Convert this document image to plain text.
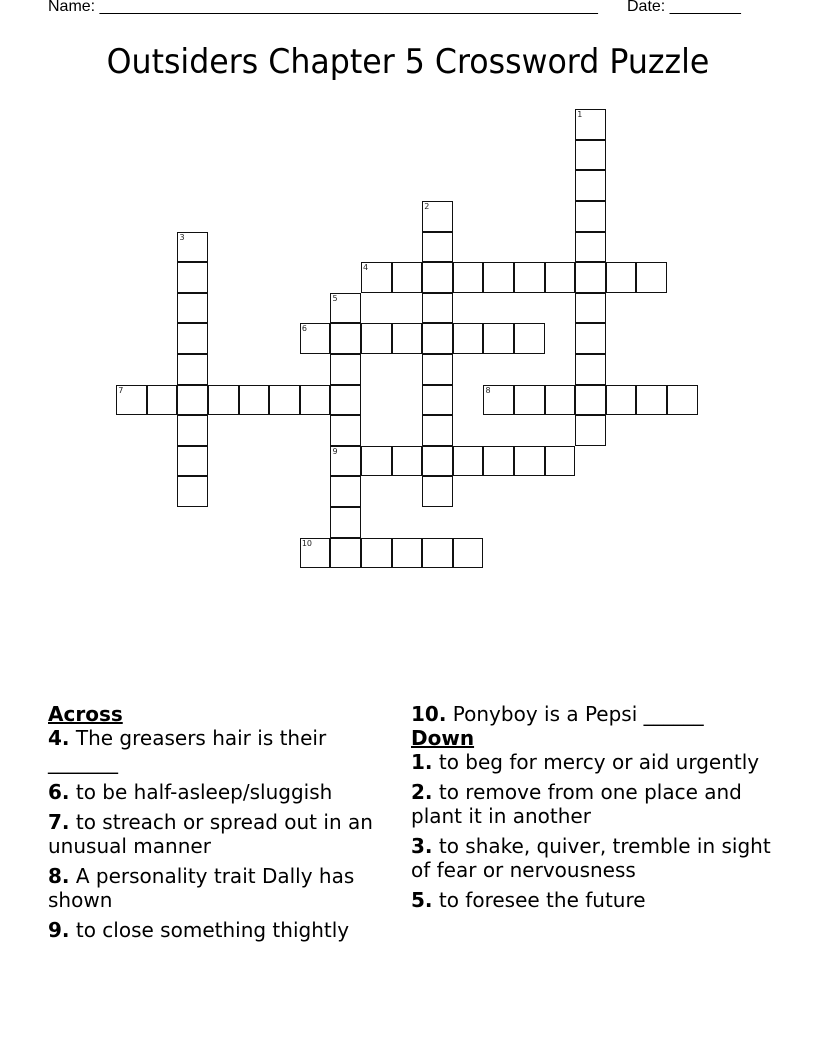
Name: ________________________________________________________ Date: ________
Outsiders Chapter 5 Crossword Puzzle
1
2
3
4
5
9
6
7	8
10
Across
4. The greasers hair is their _______
6. to be half-asleep/sluggish
7. to streach or spread out in an unusual manner
8. A personality trait Dally has shown
9. to close something thightly
10. Ponyboy is a Pepsi ______
Down
1. to beg for mercy or aid urgently
2. to remove from one place and plant it in another
3. to shake, quiver, tremble in sight of fear or nervousness
5. to foresee the future
